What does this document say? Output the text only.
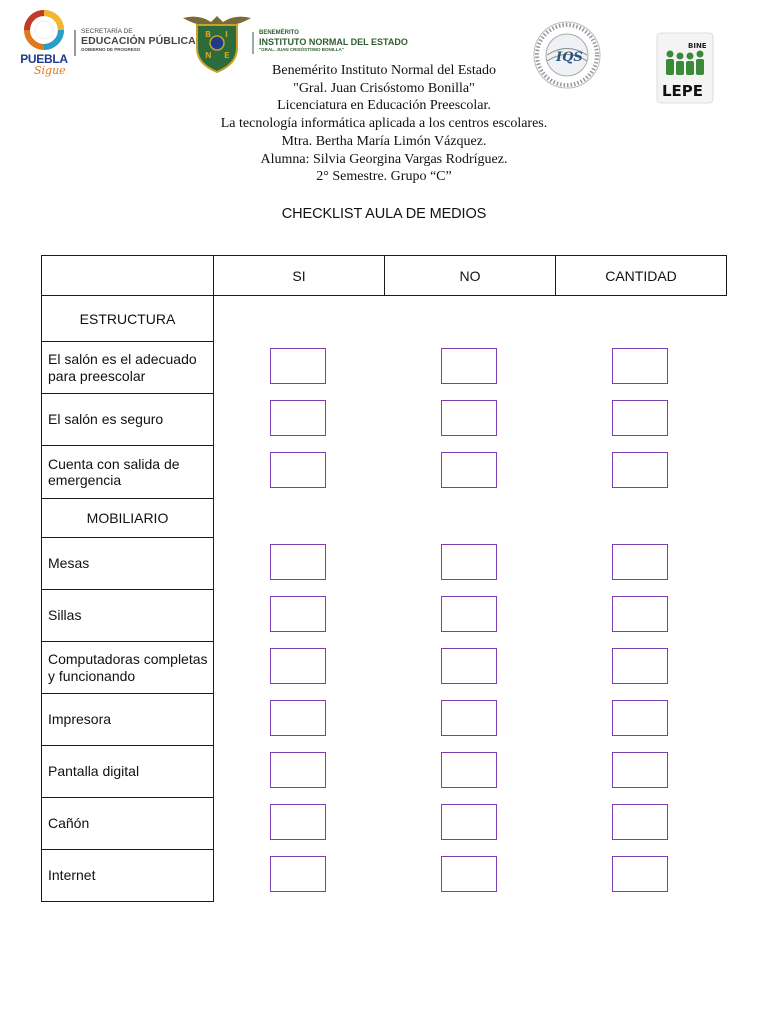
PUEBLA
Sigue
SECRETARÍA DE
EDUCACIÓN PÚBLICA
GOBIERNO DE PROGRESO
B I
N E
BENEMÉRITO
INSTITUTO NORMAL DEL ESTADO
"GRAL. JUAN CRISÓSTOMO BONILLA"
IQS
BINE
LEPE
Benemérito Instituto Normal del Estado
"Gral. Juan Crisóstomo Bonilla"
Licenciatura en Educación Preescolar.
La tecnología informática aplicada a los centros escolares.
Mtra. Bertha María Limón Vázquez.
Alumna: Silvia Georgina Vargas Rodríguez.
2° Semestre. Grupo “C”
CHECKLIST AULA DE MEDIOS
SI	NO	CANTIDAD
ESTRUCTURA
El salón es el adecuado para preescolar
El salón es seguro
Cuenta con salida de emergencia
MOBILIARIO
Mesas
Sillas
Computadoras completas y funcionando
Impresora
Pantalla digital
Cañón
Internet
